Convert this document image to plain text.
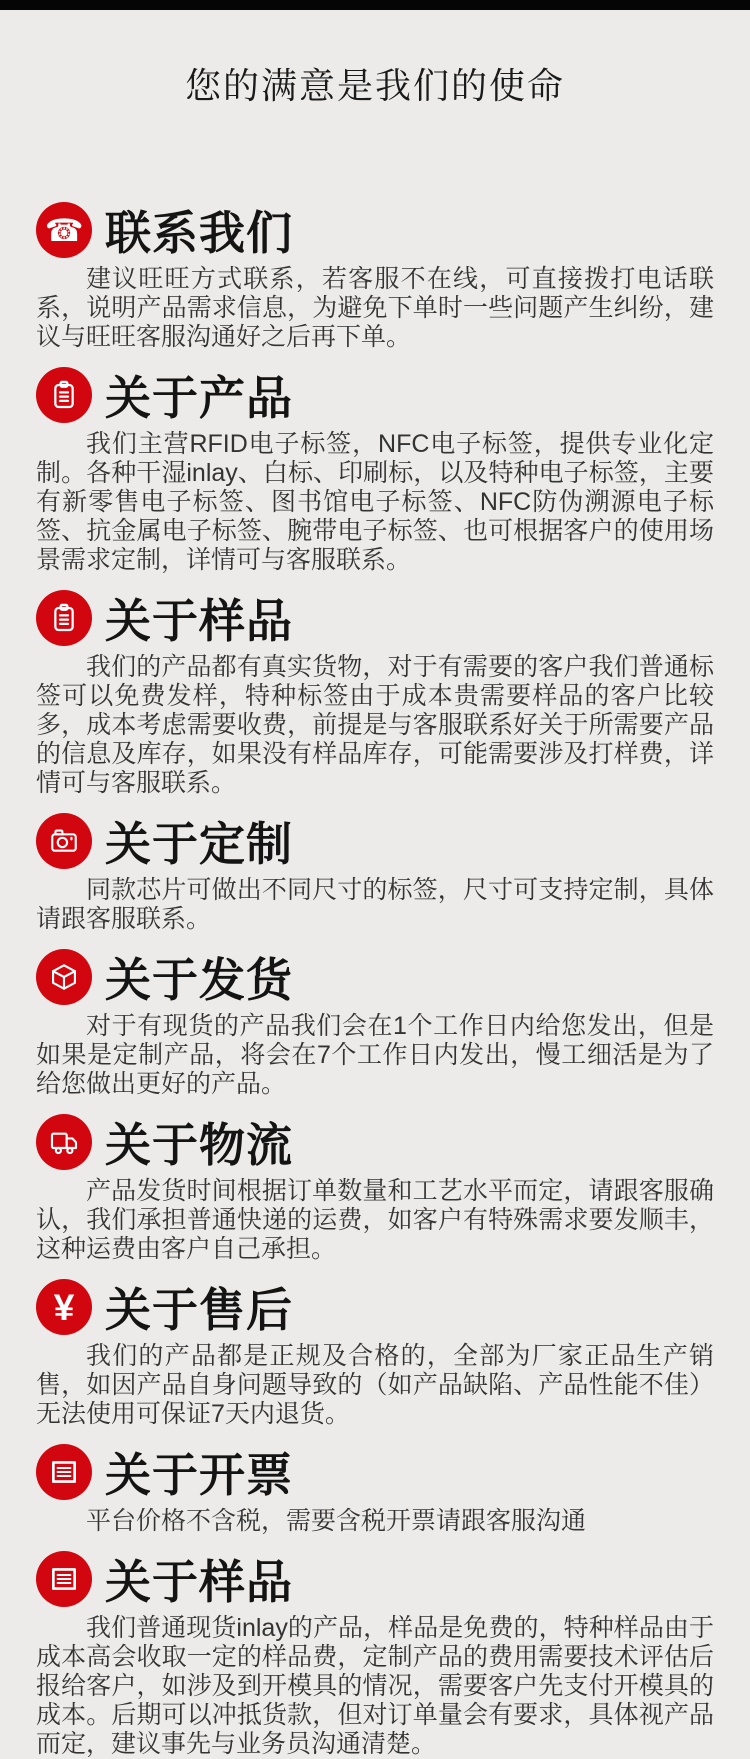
您的满意是我们的使命
☎ 联系我们

建议旺旺方式联系，若客服不在线，可直接拨打电话联系，说明产品需求信息，为避免下单时一些问题产生纠纷，建议与旺旺客服沟通好之后再下单。

关于产品

我们主营RFID电子标签，NFC电子标签，提供专业化定制。各种干湿inlay、白标、印刷标，以及特种电子标签，主要有新零售电子标签、图书馆电子标签、NFC防伪溯源电子标签、抗金属电子标签、腕带电子标签、也可根据客户的使用场景需求定制，详情可与客服联系。

关于样品

我们的产品都有真实货物，对于有需要的客户我们普通标签可以免费发样，特种标签由于成本贵需要样品的客户比较多，成本考虑需要收费，前提是与客服联系好关于所需要产品的信息及库存，如果没有样品库存，可能需要涉及打样费，详情可与客服联系。

关于定制

同款芯片可做出不同尺寸的标签，尺寸可支持定制，具体请跟客服联系。

关于发货

对于有现货的产品我们会在1个工作日内给您发出，但是如果是定制产品，将会在7个工作日内发出，慢工细活是为了给您做出更好的产品。

关于物流

产品发货时间根据订单数量和工艺水平而定，请跟客服确认，我们承担普通快递的运费，如客户有特殊需求要发顺丰，这种运费由客户自己承担。

¥ 关于售后

我们的产品都是正规及合格的，全部为厂家正品生产销售，如因产品自身问题导致的（如产品缺陷、产品性能不佳）无法使用可保证7天内退货。

关于开票

平台价格不含税，需要含税开票请跟客服沟通

关于样品

我们普通现货inlay的产品，样品是免费的，特种样品由于成本高会收取一定的样品费，定制产品的费用需要技术评估后报给客户，如涉及到开模具的情况，需要客户先支付开模具的成本。后期可以冲抵货款，但对订单量会有要求，具体视产品而定，建议事先与业务员沟通清楚。
